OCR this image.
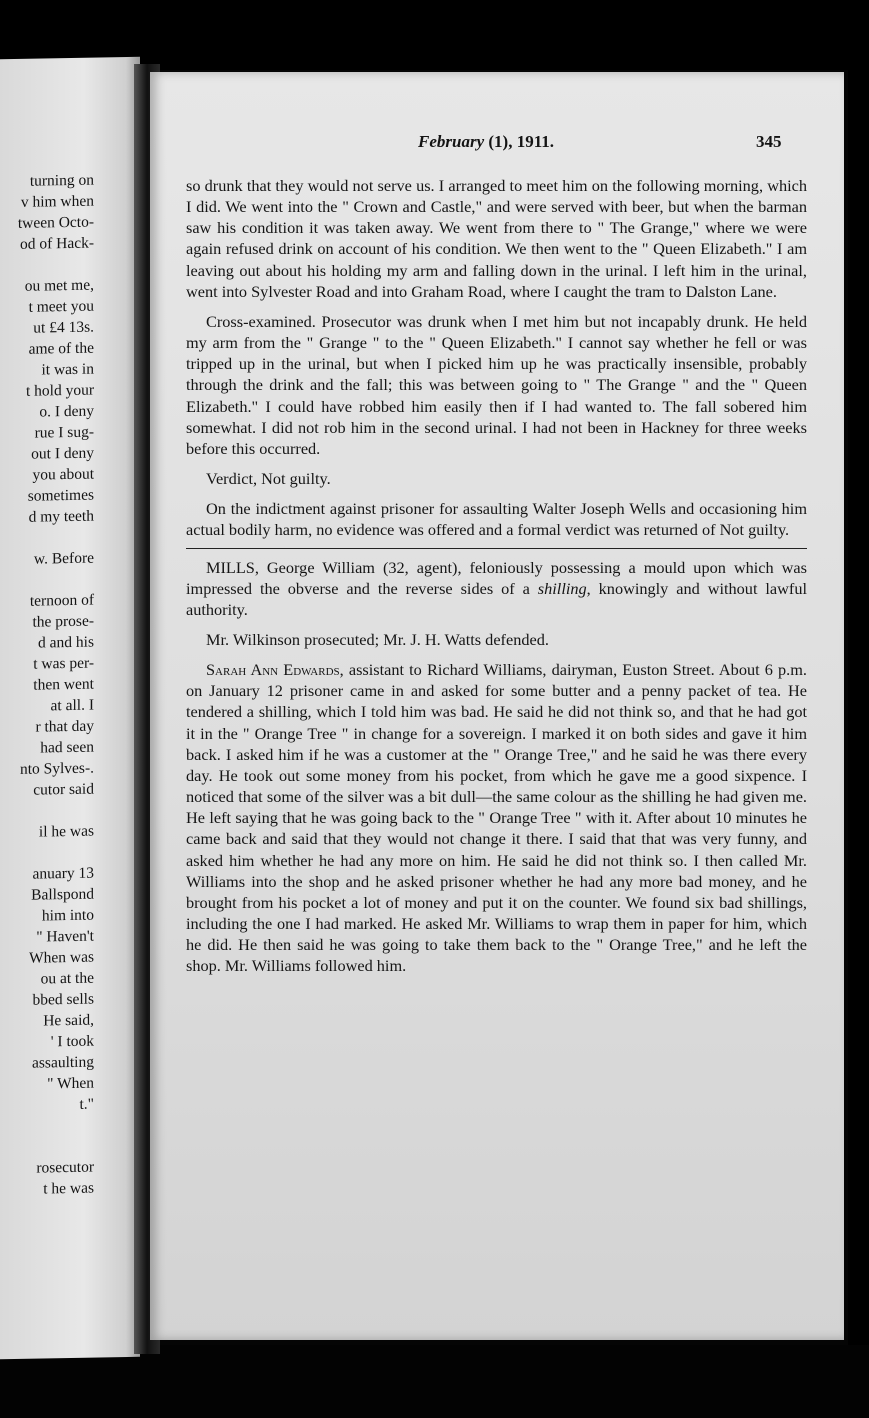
turning on
v him when
tween Octo-
od of Hack-

ou met me,
t meet you
ut £4 13s.
ame of the
it was in
t hold your
o. I deny
rue I sug-
out I deny
you about
sometimes
d my teeth

w. Before

ternoon of
the prose-
d and his
t was per-
then went
at all. I
r that day
had seen
nto Sylves-.
cutor said

il he was

anuary 13
Ballspond
him into
" Haven't
When was
ou at the
bbed sells
He said,
' I took
assaulting
" When
t."

rosecutor
t he was
February (1), 1911.	345

so drunk that they would not serve us. I arranged to meet him on the following morning, which I did. We went into the " Crown and Castle," and were served with beer, but when the barman saw his condition it was taken away. We went from there to " The Grange," where we were again refused drink on account of his condition. We then went to the " Queen Elizabeth." I am leaving out about his holding my arm and falling down in the urinal. I left him in the urinal, went into Sylvester Road and into Graham Road, where I caught the tram to Dalston Lane.

Cross-examined. Prosecutor was drunk when I met him but not incapably drunk. He held my arm from the " Grange " to the " Queen Elizabeth." I cannot say whether he fell or was tripped up in the urinal, but when I picked him up he was practically insensible, probably through the drink and the fall; this was between going to " The Grange " and the " Queen Elizabeth." I could have robbed him easily then if I had wanted to. The fall sobered him somewhat. I did not rob him in the second urinal. I had not been in Hackney for three weeks before this occurred.

Verdict, Not guilty.

On the indictment against prisoner for assaulting Walter Joseph Wells and occasioning him actual bodily harm, no evidence was offered and a formal verdict was returned of Not guilty.

MILLS, George William (32, agent), feloniously possessing a mould upon which was impressed the obverse and the reverse sides of a shilling, knowingly and without lawful authority.

Mr. Wilkinson prosecuted; Mr. J. H. Watts defended.

Sarah Ann Edwards, assistant to Richard Williams, dairyman, Euston Street. About 6 p.m. on January 12 prisoner came in and asked for some butter and a penny packet of tea. He tendered a shilling, which I told him was bad. He said he did not think so, and that he had got it in the " Orange Tree " in change for a sovereign. I marked it on both sides and gave it him back. I asked him if he was a customer at the " Orange Tree," and he said he was there every day. He took out some money from his pocket, from which he gave me a good sixpence. I noticed that some of the silver was a bit dull—the same colour as the shilling he had given me. He left saying that he was going back to the " Orange Tree " with it. After about 10 minutes he came back and said that they would not change it there. I said that that was very funny, and asked him whether he had any more on him. He said he did not think so. I then called Mr. Williams into the shop and he asked prisoner whether he had any more bad money, and he brought from his pocket a lot of money and put it on the counter. We found six bad shillings, including the one I had marked. He asked Mr. Williams to wrap them in paper for him, which he did. He then said he was going to take them back to the " Orange Tree," and he left the shop. Mr. Williams followed him.
